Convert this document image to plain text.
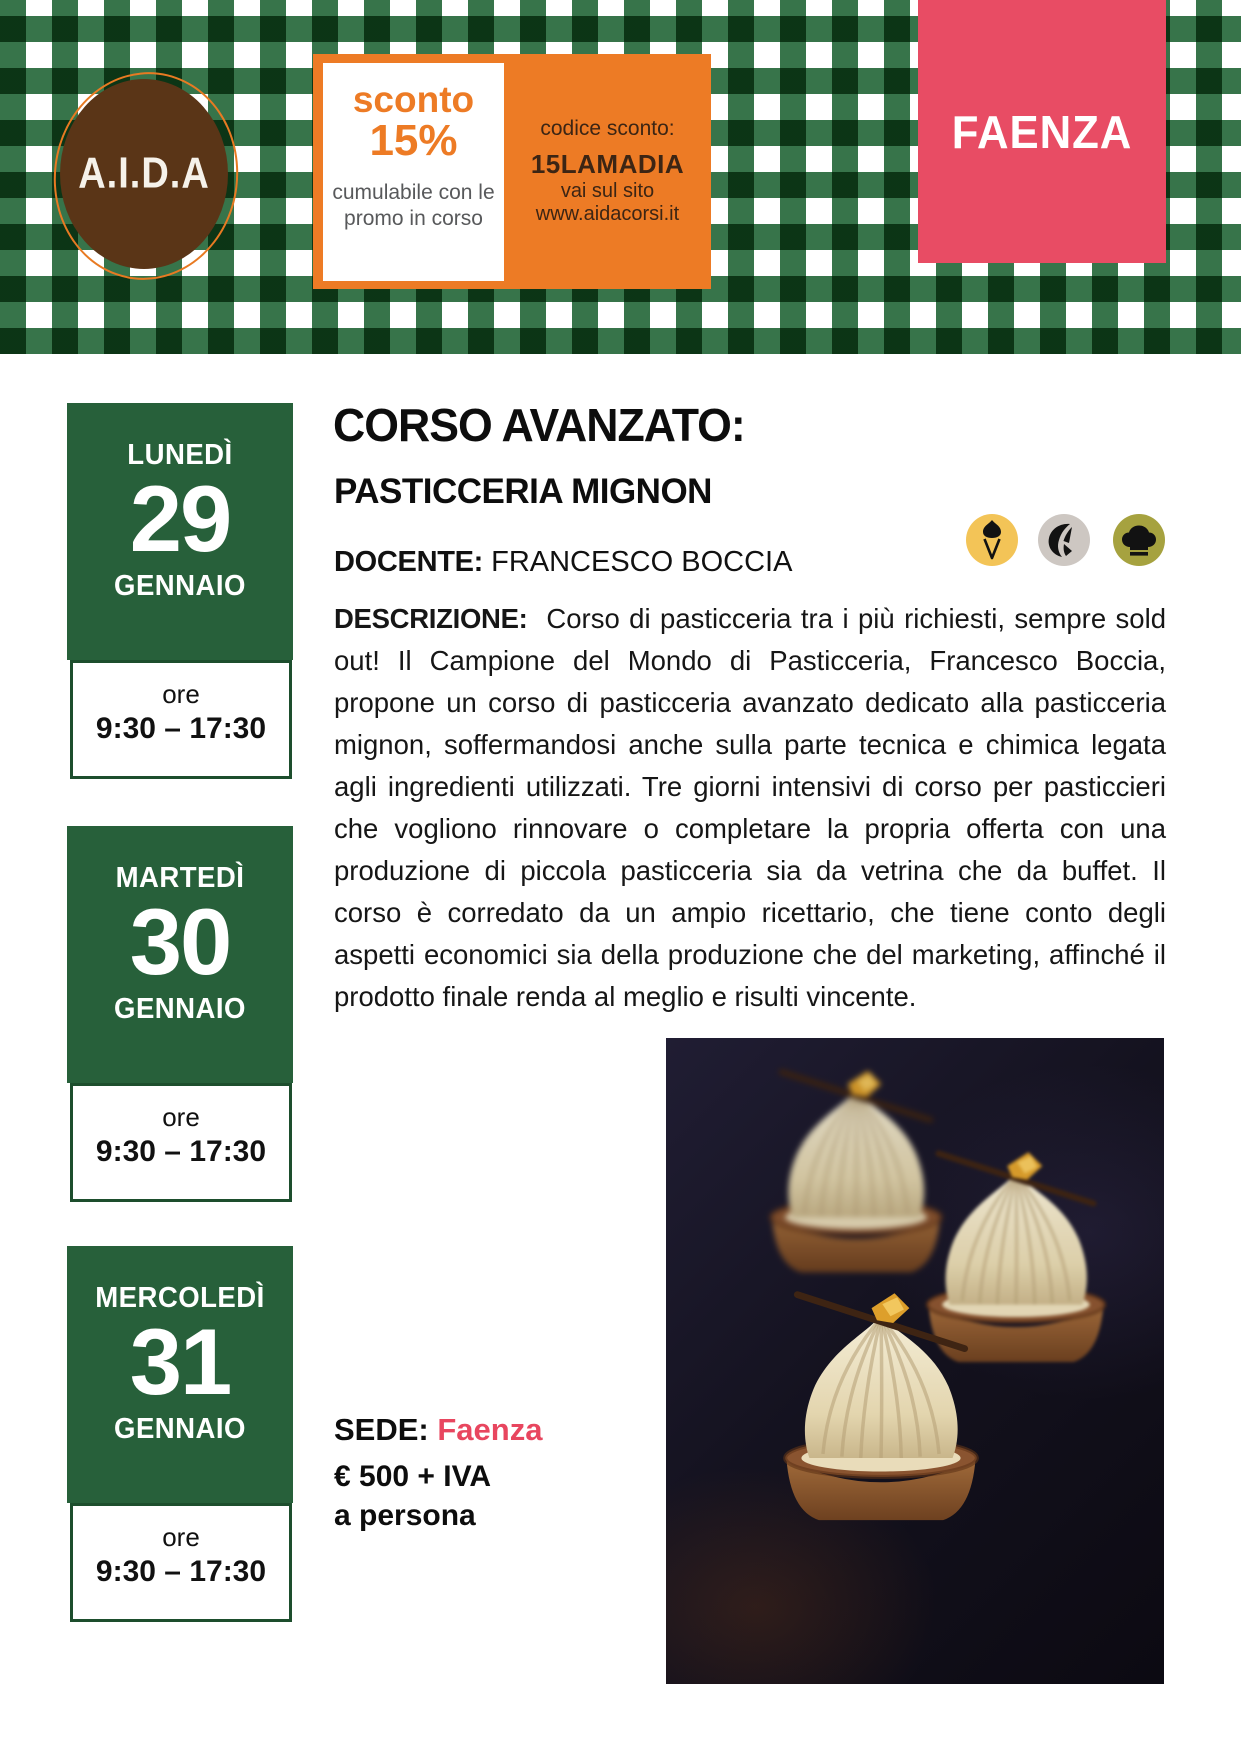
A.I.D.A
sconto
15%
cumulabile con le promo in corso
codice sconto:
15LAMADIA
vai sul sito
www.aidacorsi.it
FAENZA
LUNEDÌ
29
GENNAIO
ore
9:30 – 17:30
MARTEDÌ
30
GENNAIO
ore
9:30 – 17:30
MERCOLEDÌ
31
GENNAIO
ore
9:30 – 17:30
CORSO AVANZATO:
PASTICCERIA MIGNON
DOCENTE: FRANCESCO BOCCIA

DESCRIZIONE: Corso di pasticceria tra i più richiesti, sempre sold out! Il Campione del Mondo di Pasticceria, Francesco Boccia, propone un corso di pasticceria avanzato dedicato alla pasticceria mignon, soffermandosi anche sulla parte tecnica e chimica legata agli ingredienti utilizzati. Tre giorni intensivi di corso per pasticcieri che vogliono rinnovare o completare la propria offerta con una produzione di piccola pasticceria sia da vetrina che da buffet. Il corso è corredato da un ampio ricettario, che tiene conto degli aspetti economici sia della produzione che del marketing, affinché il prodotto finale renda al meglio e risulti vincente.

SEDE: Faenza
€ 500 + IVA
a persona
